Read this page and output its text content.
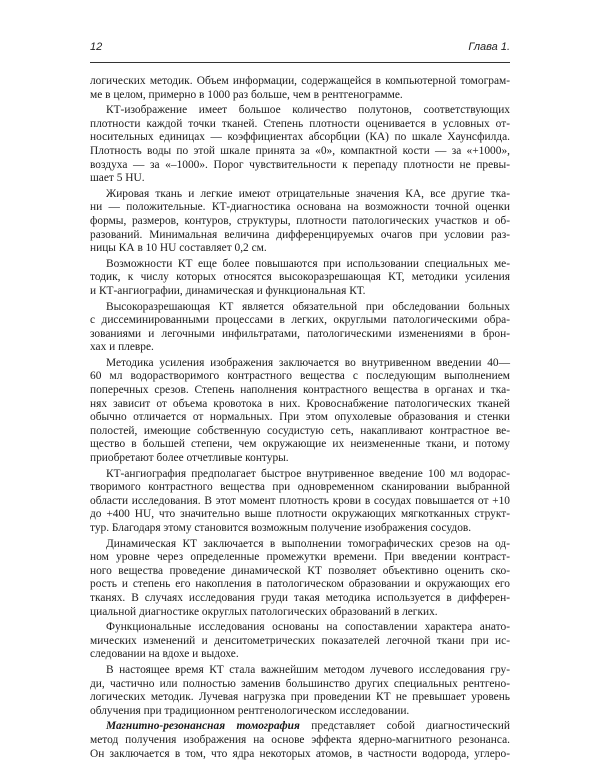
12	Глава 1.
логических методик. Объем информации, содержащейся в компьютерной томограм-
ме в целом, примерно в 1000 раз больше, чем в рентгенограмме.
КТ-изображение имеет большое количество полутонов, соответствующих
плотности каждой точки тканей. Степень плотности оценивается в условных от-
носительных единицах — коэффициентах абсорбции (КА) по шкале Хаунсфилда.
Плотность воды по этой шкале принята за «0», компактной кости — за «+1000»,
воздуха — за «–1000». Порог чувствительности к перепаду плотности не превы-
шает 5 HU.
Жировая ткань и легкие имеют отрицательные значения КА, все другие тка-
ни — положительные. КТ-диагностика основана на возможности точной оценки
формы, размеров, контуров, структуры, плотности патологических участков и об-
разований. Минимальная величина дифференцируемых очагов при условии раз-
ницы КА в 10 HU составляет 0,2 см.
Возможности КТ еще более повышаются при использовании специальных ме-
тодик, к числу которых относятся высокоразрешающая КТ, методики усиления
и КТ-ангиографии, динамическая и функциональная КТ.
Высокоразрешающая КТ является обязательной при обследовании больных
с диссеминированными процессами в легких, округлыми патологическими обра-
зованиями и легочными инфильтратами, патологическими изменениями в брон-
хах и плевре.
Методика усиления изображения заключается во внутривенном введении 40—
60 мл водорастворимого контрастного вещества с последующим выполнением
поперечных срезов. Степень наполнения контрастного вещества в органах и тка-
нях зависит от объема кровотока в них. Кровоснабжение патологических тканей
обычно отличается от нормальных. При этом опухолевые образования и стенки
полостей, имеющие собственную сосудистую сеть, накапливают контрастное ве-
щество в большей степени, чем окружающие их неизмененные ткани, и потому
приобретают более отчетливые контуры.
КТ-ангиография предполагает быстрое внутривенное введение 100 мл водорас-
творимого контрастного вещества при одновременном сканировании выбранной
области исследования. В этот момент плотность крови в сосудах повышается от +10
до +400 HU, что значительно выше плотности окружающих мягкотканных структ-
тур. Благодаря этому становится возможным получение изображения сосудов.
Динамическая КТ заключается в выполнении томографических срезов на од-
ном уровне через определенные промежутки времени. При введении контраст-
ного вещества проведение динамической КТ позволяет объективно оценить ско-
рость и степень его накопления в патологическом образовании и окружающих его
тканях. В случаях исследования груди такая методика используется в дифферен-
циальной диагностике округлых патологических образований в легких.
Функциональные исследования основаны на сопоставлении характера анато-
мических изменений и денситометрических показателей легочной ткани при ис-
следовании на вдохе и выдохе.
В настоящее время КТ стала важнейшим методом лучевого исследования гру-
ди, частично или полностью заменив большинство других специальных рентгено-
логических методик. Лучевая нагрузка при проведении КТ не превышает уровень
облучения при традиционном рентгенологическом исследовании.
Магнитно-резонансная томография представляет собой диагностический
метод получения изображения на основе эффекта ядерно-магнитного резонанса.
Он заключается в том, что ядра некоторых атомов, в частности водорода, углеро-
